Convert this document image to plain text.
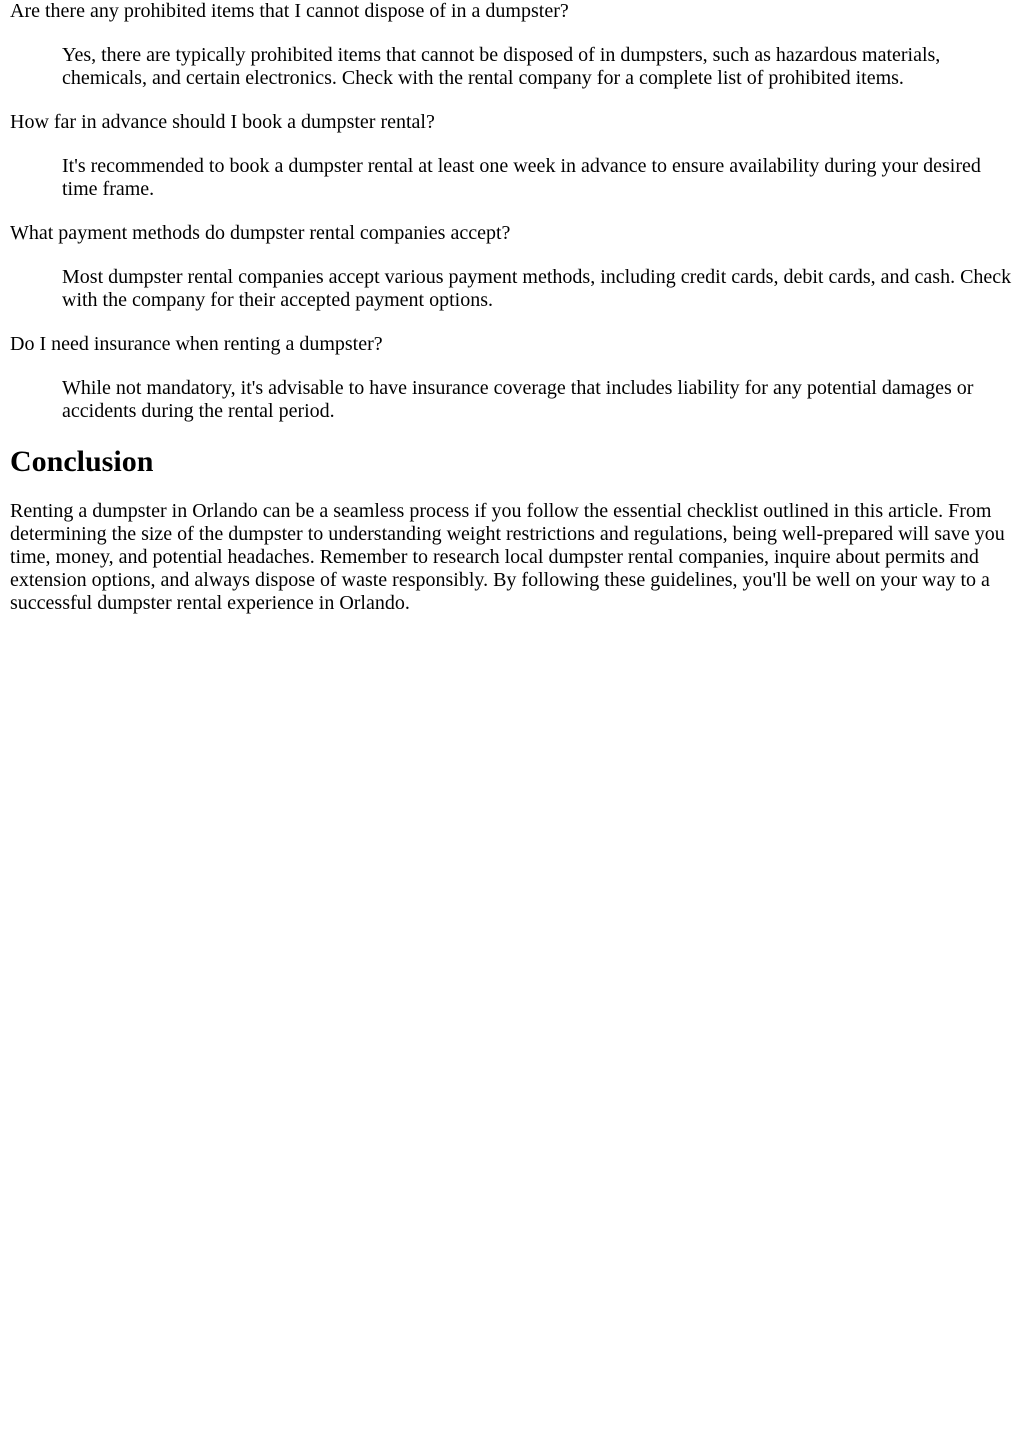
Are there any prohibited items that I cannot dispose of in a dumpster?
Yes, there are typically prohibited items that cannot be disposed of in dumpsters, such as hazardous materials, chemicals, and certain electronics. Check with the rental company for a complete list of prohibited items.
How far in advance should I book a dumpster rental?
It's recommended to book a dumpster rental at least one week in advance to ensure availability during your desired time frame.
What payment methods do dumpster rental companies accept?
Most dumpster rental companies accept various payment methods, including credit cards, debit cards, and cash. Check with the company for their accepted payment options.
Do I need insurance when renting a dumpster?
While not mandatory, it's advisable to have insurance coverage that includes liability for any potential damages or accidents during the rental period.
Conclusion

Renting a dumpster in Orlando can be a seamless process if you follow the essential checklist outlined in this article. From determining the size of the dumpster to understanding weight restrictions and regulations, being well-prepared will save you time, money, and potential headaches. Remember to research local dumpster rental companies, inquire about permits and extension options, and always dispose of waste responsibly. By following these guidelines, you'll be well on your way to a successful dumpster rental experience in Orlando.
